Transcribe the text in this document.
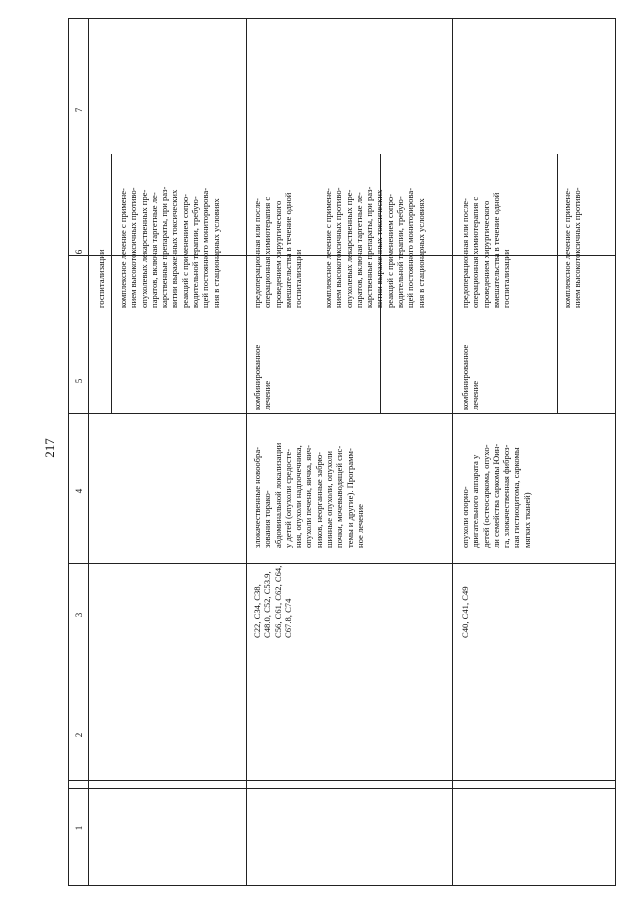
217
7
6
5
4
3
2
1
госпитализации комплексное лечение с примене-
нием высокотоксичных противо-
опухолевых лекарственных пре-
паратов, включая таргетные ле-
карственные препараты, при раз-
витии выраженных токсических
реакций с применением сопро-
водительной терапии, требую-
щей постоянного мониторирова-
ния в стационарных условиях
C22, C34, C38,
C48.0, C52, C53.9,
C56, C61, C62, C64,
C67.8, C74
злокачественные новообра-
зования торако-
абдоминальной локализации
у детей (опухоли средосте-
ния, опухоли надпочечника,
опухоли печени, яичка, яич-
ников, неорганные забрю-
шинные опухоли, опухоли
почки, мочевыводящей сис-
темы и другие). Программ-
ное лечение
комбинированное
лечение
предоперационная или после-
операционная химиотерапия с
проведением хирургического
вмешательства в течение одной
госпитализации комплексное лечение с примене-
нием высокотоксичных противо-
опухолевых лекарственных пре-
паратов, включая таргетные ле-
карственные препараты, при раз-
витии выраженных токсических
реакций с применением сопро-
водительной терапии, требую-
щей постоянного мониторирова-
ния в стационарных условиях
C40, C41, C49
опухоли опорно-
двигательного аппарата у
детей (остеосаркома, опухо-
ли семейства саркомы Юин-
га, злокачественная фиброз-
ная гистиоцитома, саркомы
мягких тканей)
комбинированное
лечение
предоперационная или после-
операционная химиотерапия с
проведением хирургического
вмешательства в течение одной
госпитализации	комплексное лечение с примене-
нием высокотоксичных противо-
